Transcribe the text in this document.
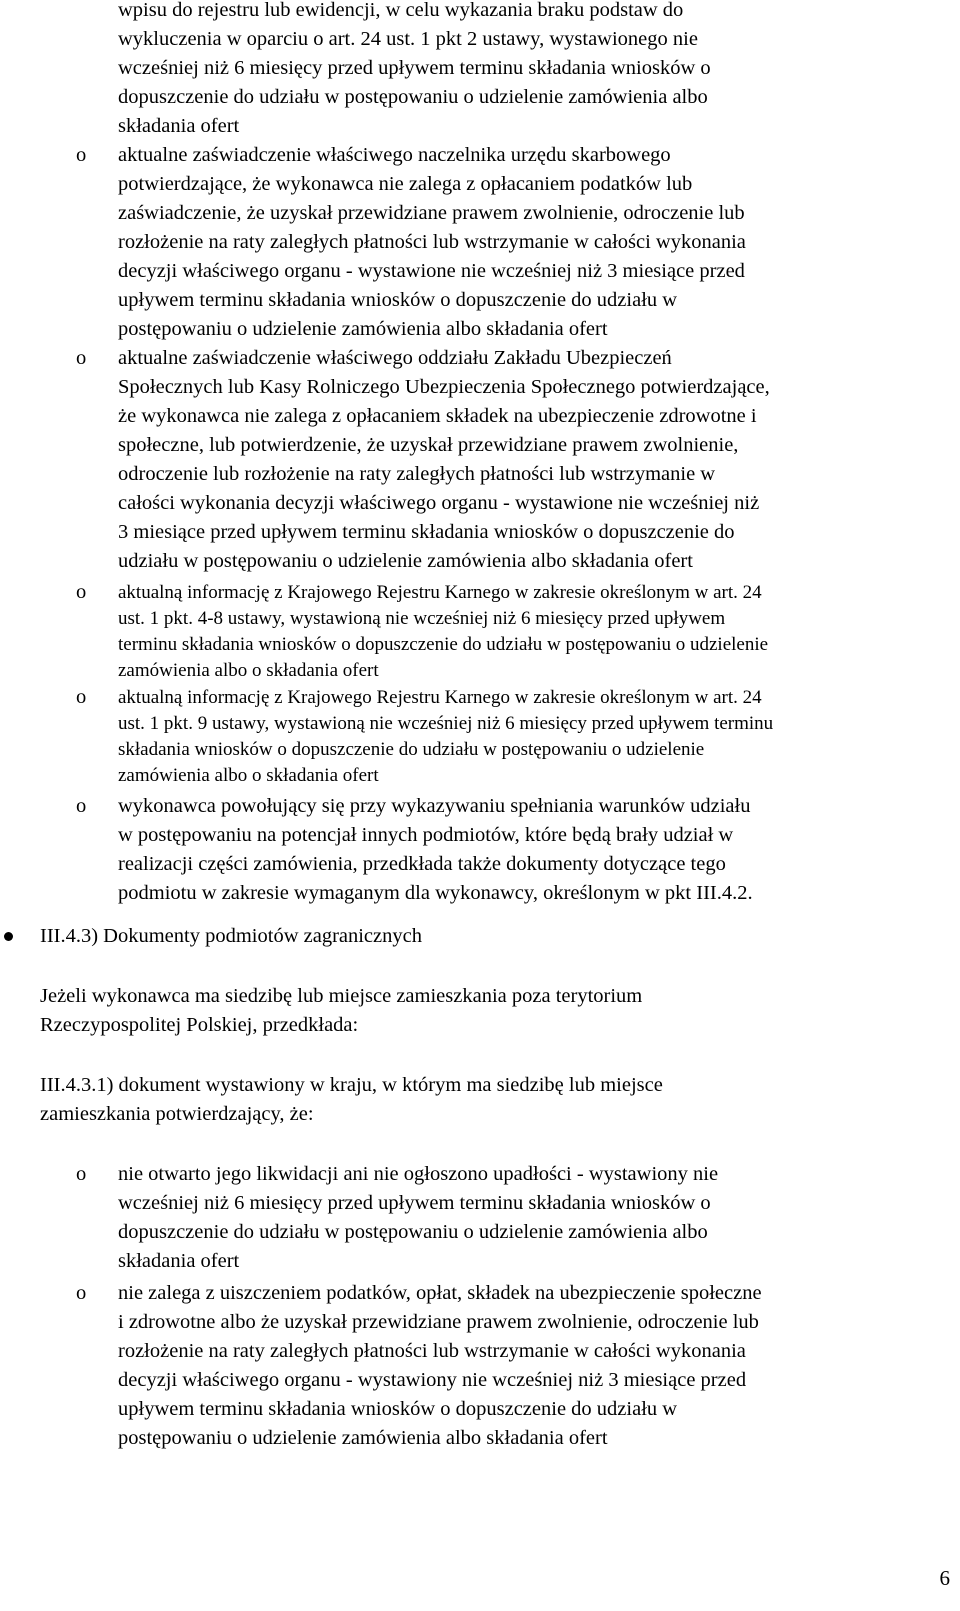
wpisu do rejestru lub ewidencji, w celu wykazania braku podstaw do
wykluczenia w oparciu o art. 24 ust. 1 pkt 2 ustawy, wystawionego nie
wcześniej niż 6 miesięcy przed upływem terminu składania wniosków o
dopuszczenie do udziału w postępowaniu o udzielenie zamówienia albo
składania ofert
o aktualne zaświadczenie właściwego naczelnika urzędu skarbowego
potwierdzające, że wykonawca nie zalega z opłacaniem podatków lub
zaświadczenie, że uzyskał przewidziane prawem zwolnienie, odroczenie lub
rozłożenie na raty zaległych płatności lub wstrzymanie w całości wykonania
decyzji właściwego organu - wystawione nie wcześniej niż 3 miesiące przed
upływem terminu składania wniosków o dopuszczenie do udziału w
postępowaniu o udzielenie zamówienia albo składania ofert
o aktualne zaświadczenie właściwego oddziału Zakładu Ubezpieczeń
Społecznych lub Kasy Rolniczego Ubezpieczenia Społecznego potwierdzające,
że wykonawca nie zalega z opłacaniem składek na ubezpieczenie zdrowotne i
społeczne, lub potwierdzenie, że uzyskał przewidziane prawem zwolnienie,
odroczenie lub rozłożenie na raty zaległych płatności lub wstrzymanie w
całości wykonania decyzji właściwego organu - wystawione nie wcześniej niż
3 miesiące przed upływem terminu składania wniosków o dopuszczenie do
udziału w postępowaniu o udzielenie zamówienia albo składania ofert
o aktualną informację z Krajowego Rejestru Karnego w zakresie określonym w art. 24
ust. 1 pkt. 4-8 ustawy, wystawioną nie wcześniej niż 6 miesięcy przed upływem
terminu składania wniosków o dopuszczenie do udziału w postępowaniu o udzielenie
zamówienia albo o składania ofert
o aktualną informację z Krajowego Rejestru Karnego w zakresie określonym w art. 24
ust. 1 pkt. 9 ustawy, wystawioną nie wcześniej niż 6 miesięcy przed upływem terminu
składania wniosków o dopuszczenie do udziału w postępowaniu o udzielenie
zamówienia albo o składania ofert
o wykonawca powołujący się przy wykazywaniu spełniania warunków udziału
w postępowaniu na potencjał innych podmiotów, które będą brały udział w
realizacji części zamówienia, przedkłada także dokumenty dotyczące tego
podmiotu w zakresie wymaganym dla wykonawcy, określonym w pkt III.4.2.
III.4.3) Dokumenty podmiotów zagranicznych
Jeżeli wykonawca ma siedzibę lub miejsce zamieszkania poza terytorium
Rzeczypospolitej Polskiej, przedkłada:
III.4.3.1) dokument wystawiony w kraju, w którym ma siedzibę lub miejsce
zamieszkania potwierdzający, że:
o nie otwarto jego likwidacji ani nie ogłoszono upadłości - wystawiony nie
wcześniej niż 6 miesięcy przed upływem terminu składania wniosków o
dopuszczenie do udziału w postępowaniu o udzielenie zamówienia albo
składania ofert
o nie zalega z uiszczeniem podatków, opłat, składek na ubezpieczenie społeczne
i zdrowotne albo że uzyskał przewidziane prawem zwolnienie, odroczenie lub
rozłożenie na raty zaległych płatności lub wstrzymanie w całości wykonania
decyzji właściwego organu - wystawiony nie wcześniej niż 3 miesiące przed
upływem terminu składania wniosków o dopuszczenie do udziału w
postępowaniu o udzielenie zamówienia albo składania ofert
6
